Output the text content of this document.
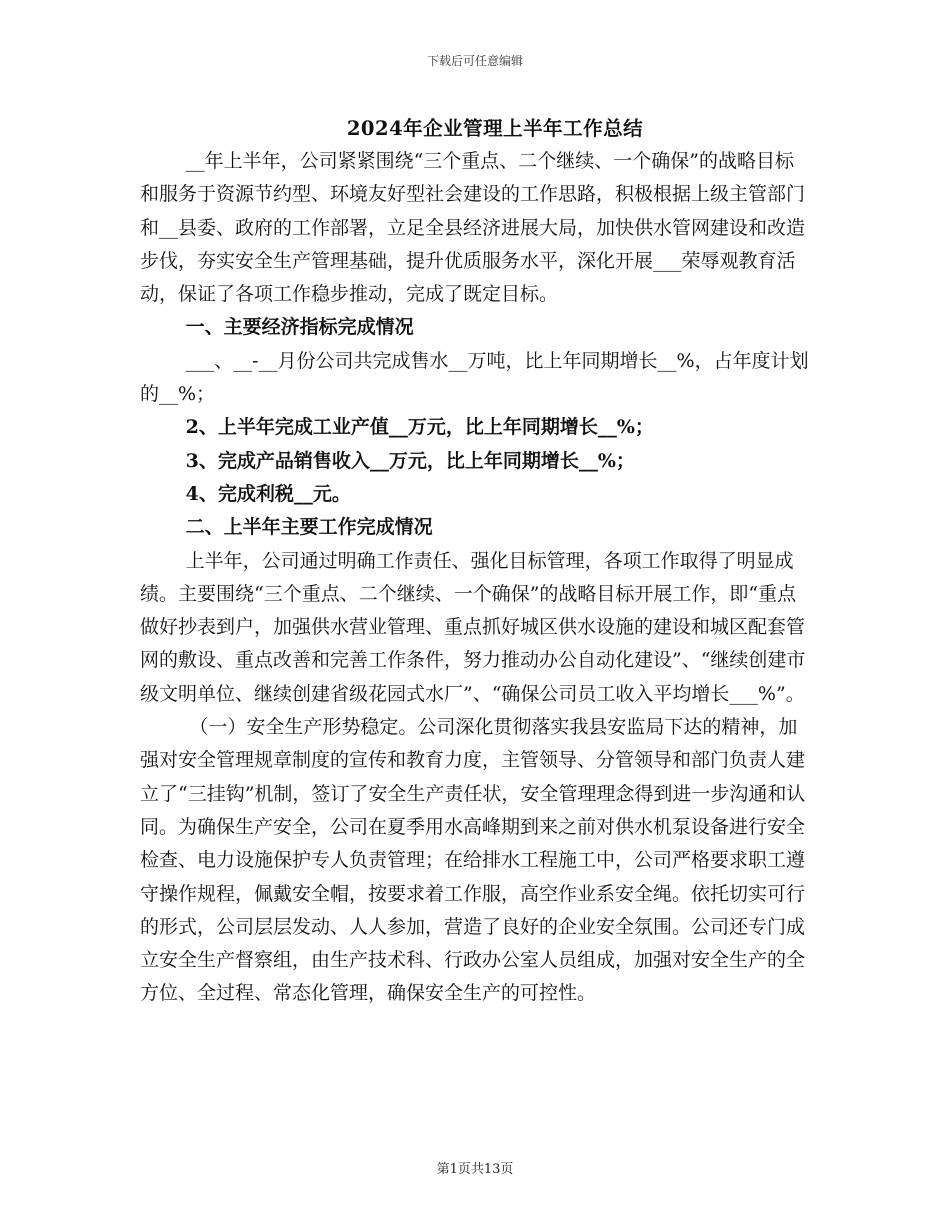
下载后可任意编辑
2024年企业管理上半年工作总结

__年上半年，公司紧紧围绕“三个重点、二个继续、一个确保”的战略目标和服务于资源节约型、环境友好型社会建设的工作思路，积极根据上级主管部门和__县委、政府的工作部署，立足全县经济进展大局，加快供水管网建设和改造步伐，夯实安全生产管理基础，提升优质服务水平，深化开展___荣辱观教育活动，保证了各项工作稳步推动，完成了既定目标。

一、主要经济指标完成情况

___、__-__月份公司共完成售水__万吨，比上年同期增长__%，占年度计划的__%；

2、上半年完成工业产值__万元，比上年同期增长__%；

3、完成产品销售收入__万元，比上年同期增长__%；

4、完成利税__元。

二、上半年主要工作完成情况

上半年，公司通过明确工作责任、强化目标管理，各项工作取得了明显成绩。主要围绕“三个重点、二个继续、一个确保”的战略目标开展工作，即“重点做好抄表到户，加强供水营业管理、重点抓好城区供水设施的建设和城区配套管网的敷设、重点改善和完善工作条件，努力推动办公自动化建设”、“继续创建市级文明单位、继续创建省级花园式水厂”、“确保公司员工收入平均增长___%”。

（一）安全生产形势稳定。公司深化贯彻落实我县安监局下达的精神，加强对安全管理规章制度的宣传和教育力度，主管领导、分管领导和部门负责人建立了“三挂钩”机制，签订了安全生产责任状，安全管理理念得到进一步沟通和认同。为确保生产安全，公司在夏季用水高峰期到来之前对供水机泵设备进行安全检查、电力设施保护专人负责管理；在给排水工程施工中，公司严格要求职工遵守操作规程，佩戴安全帽，按要求着工作服，高空作业系安全绳。依托切实可行的形式，公司层层发动、人人参加，营造了良好的企业安全氛围。公司还专门成立安全生产督察组，由生产技术科、行政办公室人员组成，加强对安全生产的全方位、全过程、常态化管理，确保安全生产的可控性。

第1页共13页
